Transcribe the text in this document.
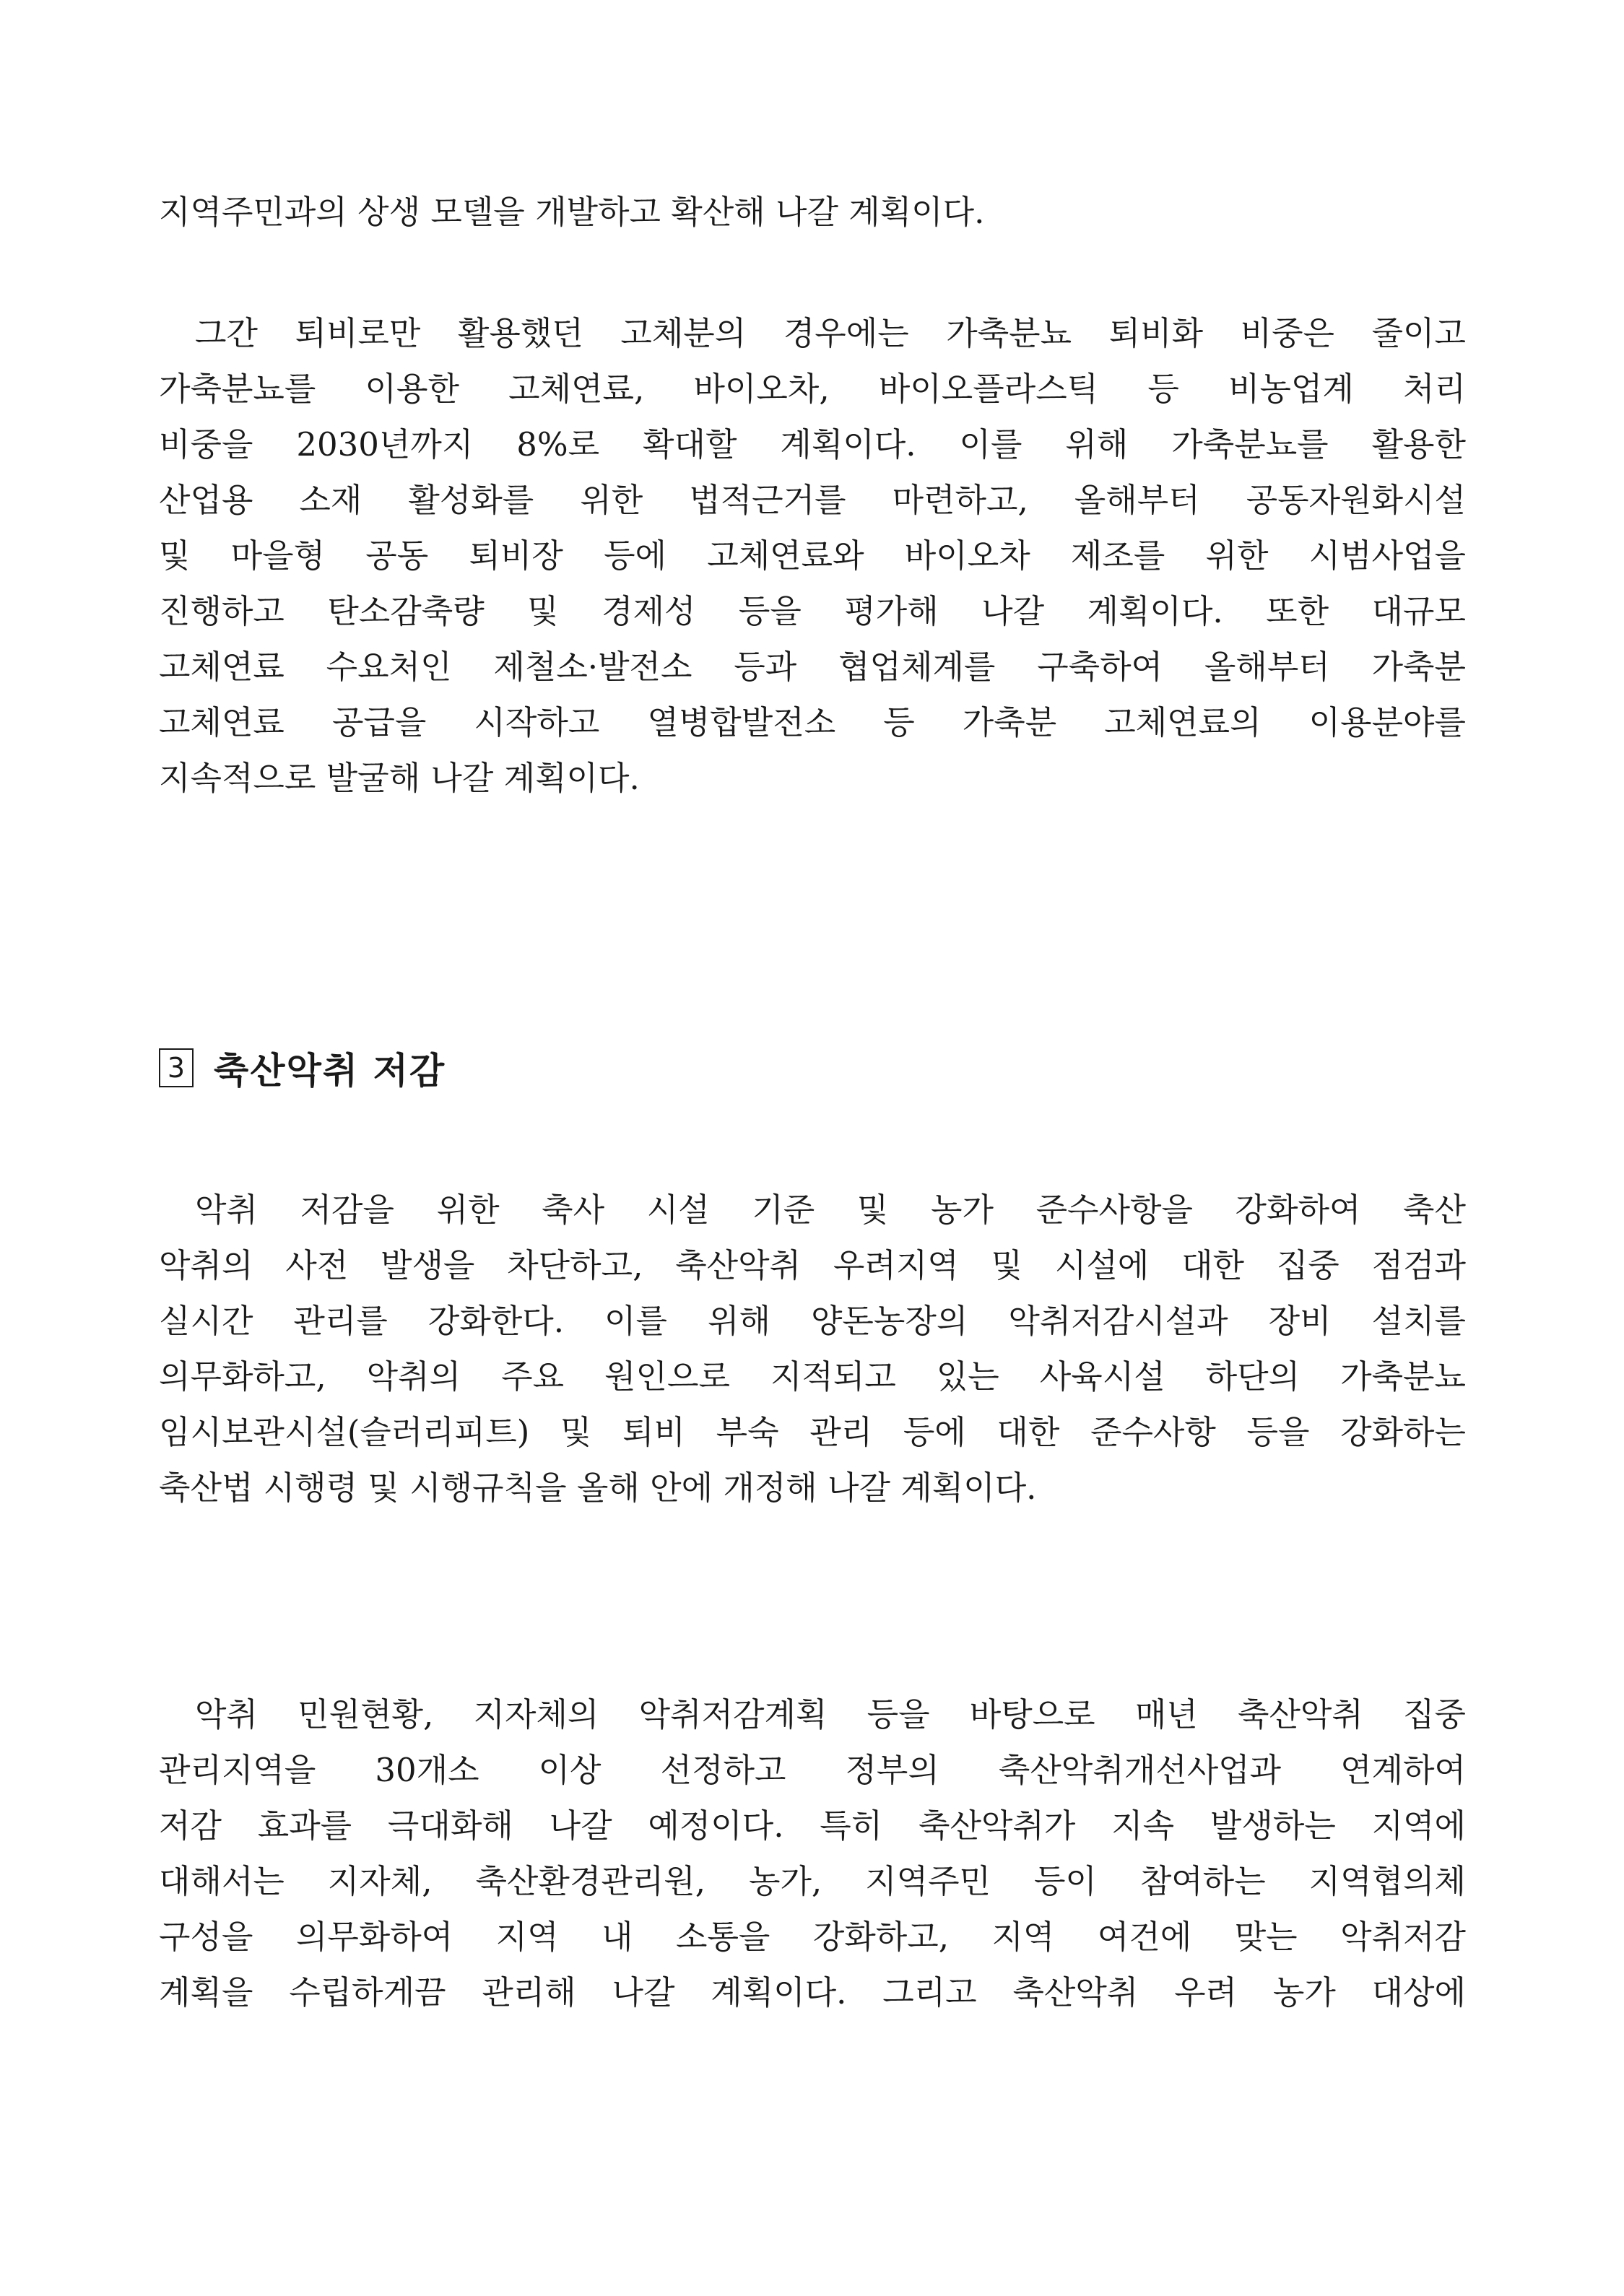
지역주민과의 상생 모델을 개발하고 확산해 나갈 계획이다.
그간 퇴비로만 활용했던 고체분의 경우에는 가축분뇨 퇴비화 비중은 줄이고
가축분뇨를 이용한 고체연료, 바이오차, 바이오플라스틱 등 비농업계 처리
비중을 2030년까지 8%로 확대할 계획이다. 이를 위해 가축분뇨를 활용한
산업용 소재 활성화를 위한 법적근거를 마련하고, 올해부터 공동자원화시설
및 마을형 공동 퇴비장 등에 고체연료와 바이오차 제조를 위한 시범사업을
진행하고 탄소감축량 및 경제성 등을 평가해 나갈 계획이다. 또한 대규모
고체연료 수요처인 제철소·발전소 등과 협업체계를 구축하여 올해부터 가축분
고체연료 공급을 시작하고 열병합발전소 등 가축분 고체연료의 이용분야를
지속적으로 발굴해 나갈 계획이다.
3 축산악취 저감
악취 저감을 위한 축사 시설 기준 및 농가 준수사항을 강화하여 축산
악취의 사전 발생을 차단하고, 축산악취 우려지역 및 시설에 대한 집중 점검과
실시간 관리를 강화한다. 이를 위해 양돈농장의 악취저감시설과 장비 설치를
의무화하고, 악취의 주요 원인으로 지적되고 있는 사육시설 하단의 가축분뇨
임시보관시설(슬러리피트) 및 퇴비 부숙 관리 등에 대한 준수사항 등을 강화하는
축산법 시행령 및 시행규칙을 올해 안에 개정해 나갈 계획이다.
악취 민원현황, 지자체의 악취저감계획 등을 바탕으로 매년 축산악취 집중
관리지역을 30개소 이상 선정하고 정부의 축산악취개선사업과 연계하여
저감 효과를 극대화해 나갈 예정이다. 특히 축산악취가 지속 발생하는 지역에
대해서는 지자체, 축산환경관리원, 농가, 지역주민 등이 참여하는 지역협의체
구성을 의무화하여 지역 내 소통을 강화하고, 지역 여건에 맞는 악취저감
계획을 수립하게끔 관리해 나갈 계획이다. 그리고 축산악취 우려 농가 대상에
